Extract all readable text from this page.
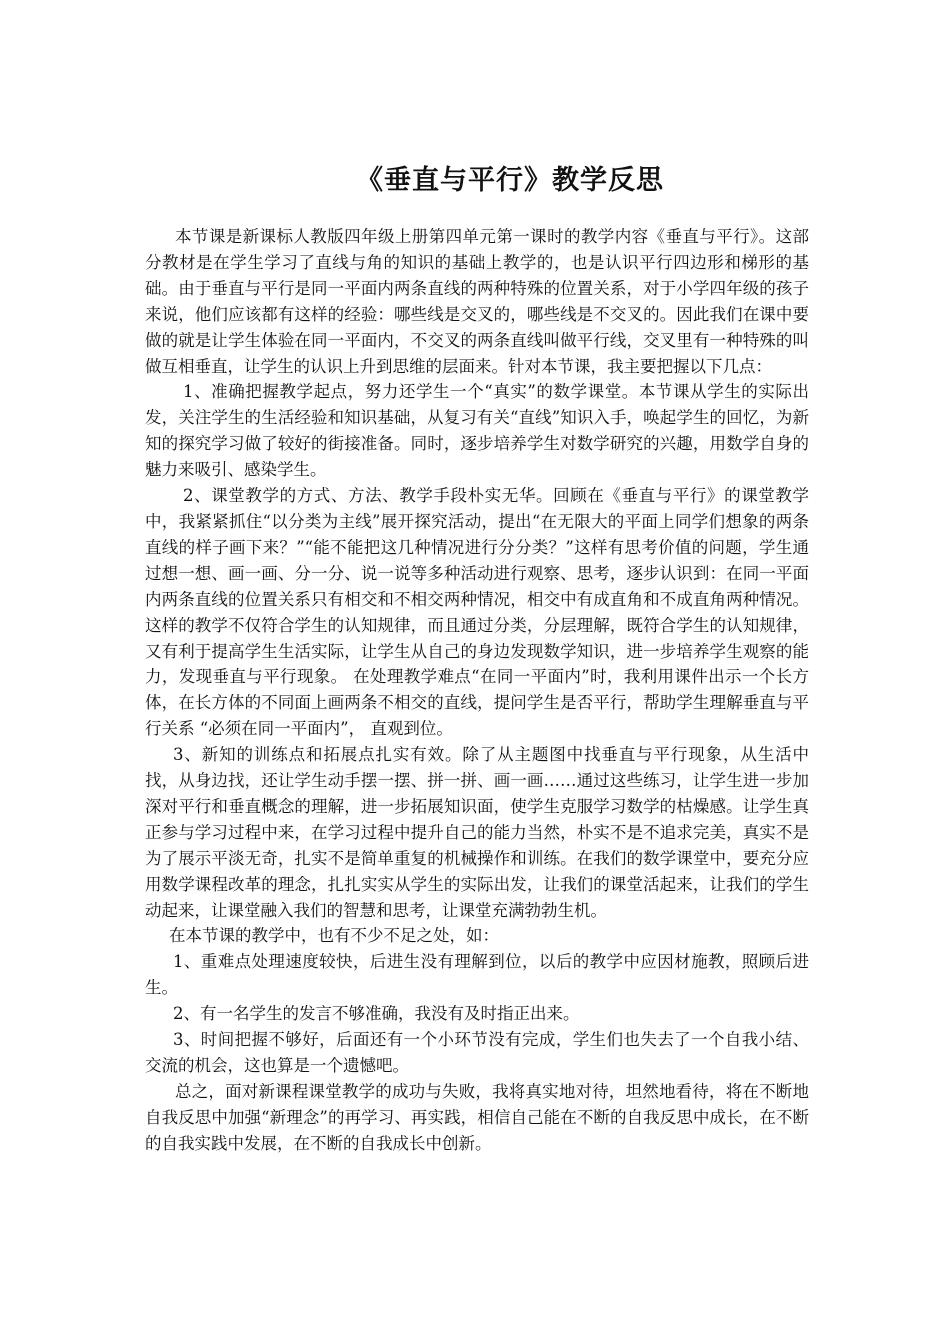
《垂直与平行》教学反思

本节课是新课标人教版四年级上册第四单元第一课时的教学内容《垂直与平行》。这部分教材是在学生学习了直线与角的知识的基础上教学的，也是认识平行四边形和梯形的基础。由于垂直与平行是同一平面内两条直线的两种特殊的位置关系，对于小学四年级的孩子来说，他们应该都有这样的经验：哪些线是交叉的，哪些线是不交叉的。因此我们在课中要做的就是让学生体验在同一平面内，不交叉的两条直线叫做平行线，交叉里有一种特殊的叫做互相垂直，让学生的认识上升到思维的层面来。针对本节课，我主要把握以下几点：

1、准确把握教学起点，努力还学生一个“真实”的数学课堂。本节课从学生的实际出发，关注学生的生活经验和知识基础，从复习有关“直线”知识入手，唤起学生的回忆，为新知的探究学习做了较好的街接准备。同时，逐步培养学生对数学研究的兴趣，用数学自身的魅力来吸引、感染学生。

2、课堂教学的方式、方法、教学手段朴实无华。回顾在《垂直与平行》的课堂教学中，我紧紧抓住“以分类为主线”展开探究活动，提出“在无限大的平面上同学们想象的两条直线的样子画下来？”“能不能把这几种情况进行分分类？”这样有思考价值的问题，学生通过想一想、画一画、分一分、说一说等多种活动进行观察、思考，逐步认识到：在同一平面内两条直线的位置关系只有相交和不相交两种情况，相交中有成直角和不成直角两种情况。这样的教学不仅符合学生的认知规律，而且通过分类，分层理解，既符合学生的认知规律，又有利于提高学生生活实际，让学生从自己的身边发现数学知识，进一步培养学生观察的能力，发现垂直与平行现象。 在处理教学难点“在同一平面内”时，我利用课件出示一个长方体，在长方体的不同面上画两条不相交的直线，提问学生是否平行，帮助学生理解垂直与平行关系 “必须在同一平面内”， 直观到位。

3、新知的训练点和拓展点扎实有效。除了从主题图中找垂直与平行现象，从生活中找，从身边找，还让学生动手摆一摆、拼一拼、画一画……通过这些练习，让学生进一步加深对平行和垂直概念的理解，进一步拓展知识面，使学生克服学习数学的枯燥感。让学生真正参与学习过程中来，在学习过程中提升自己的能力当然，朴实不是不追求完美，真实不是为了展示平淡无奇，扎实不是简单重复的机械操作和训练。在我们的数学课堂中，要充分应用数学课程改革的理念，扎扎实实从学生的实际出发，让我们的课堂活起来，让我们的学生动起来，让课堂融入我们的智慧和思考，让课堂充满勃勃生机。

在本节课的教学中，也有不少不足之处，如：

1、重难点处理速度较快，后进生没有理解到位，以后的教学中应因材施教，照顾后进生。

2、有一名学生的发言不够准确，我没有及时指正出来。

3、时间把握不够好，后面还有一个小环节没有完成，学生们也失去了一个自我小结、交流的机会，这也算是一个遗憾吧。

总之，面对新课程课堂教学的成功与失败，我将真实地对待，坦然地看待，将在不断地自我反思中加强“新理念”的再学习、再实践，相信自己能在不断的自我反思中成长，在不断的自我实践中发展，在不断的自我成长中创新。
